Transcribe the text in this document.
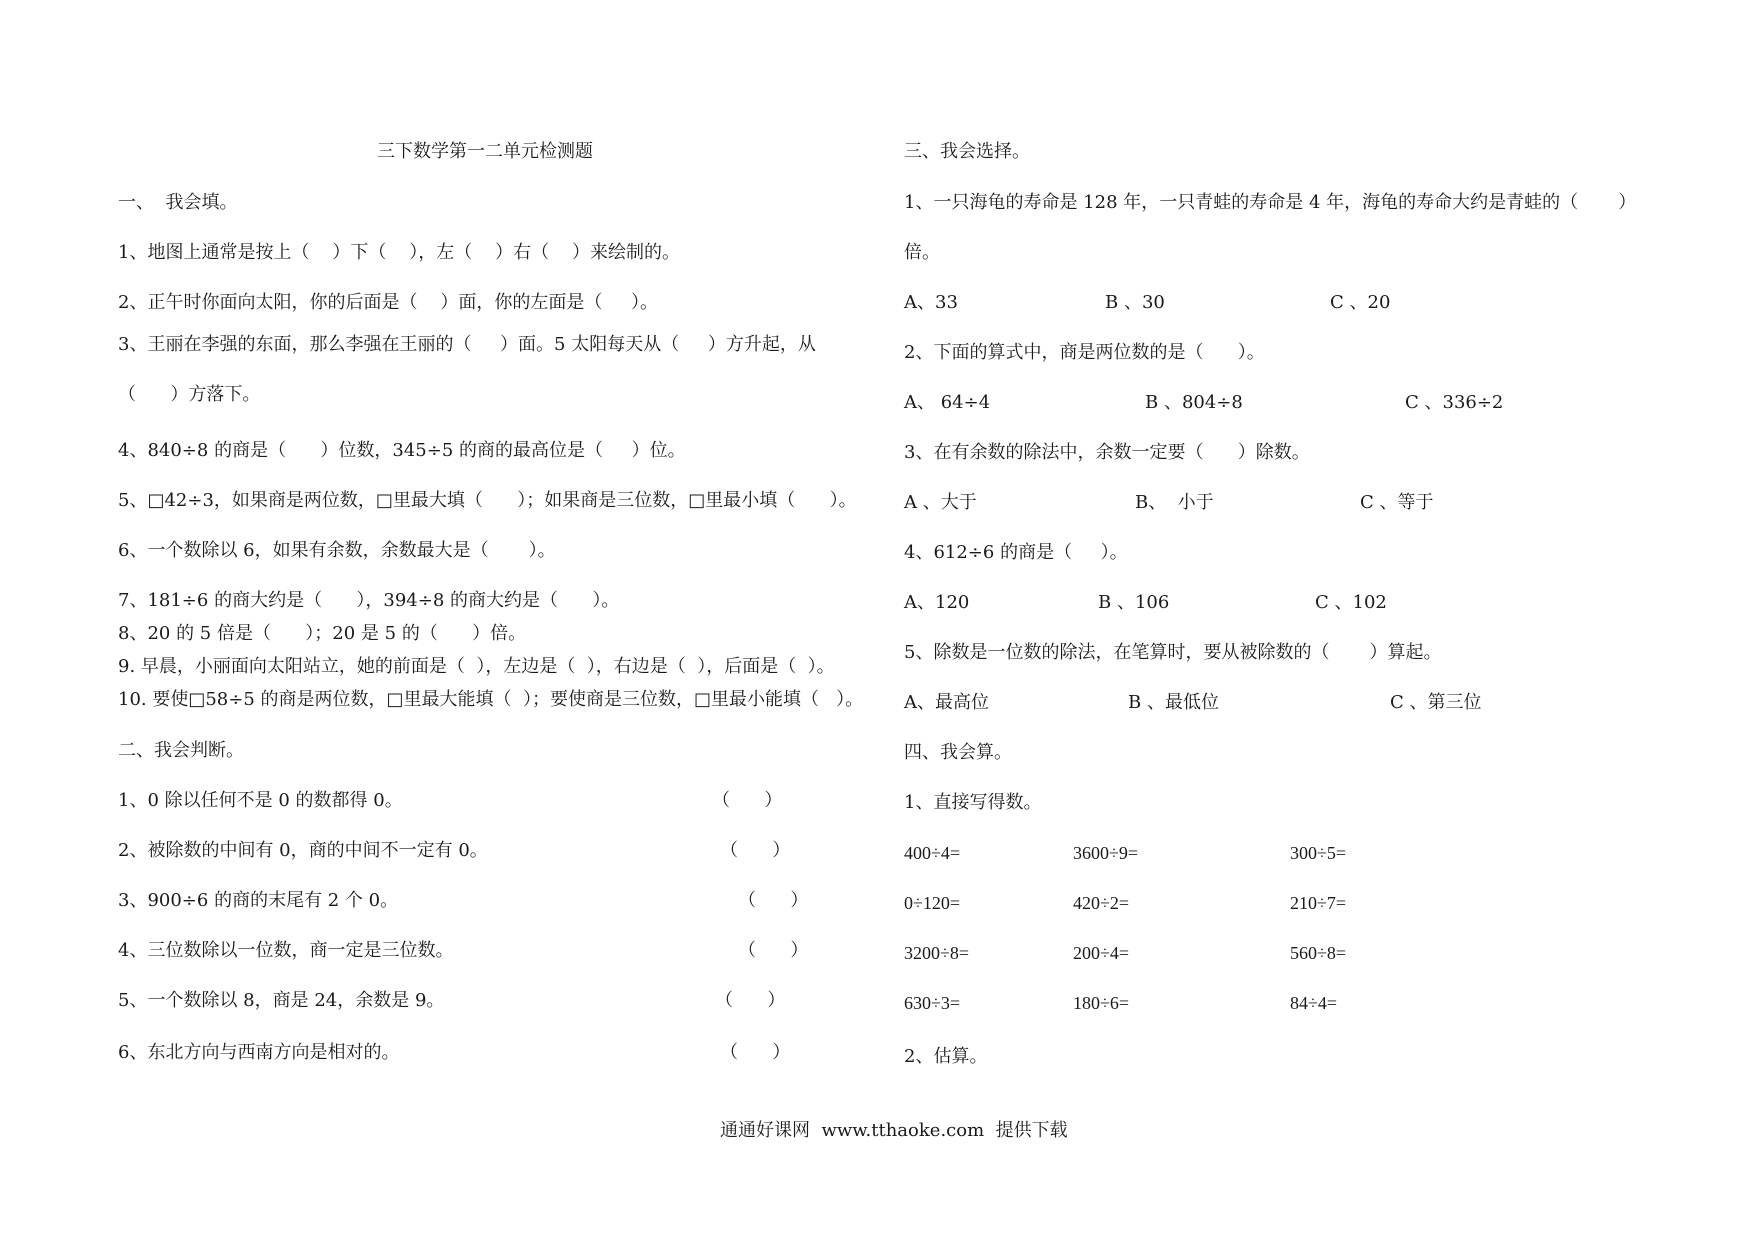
三下数学第一二单元检测题
一、  我会填。
1、地图上通常是按上（    ）下（    ），左（    ）右（    ）来绘制的。
2、正午时你面向太阳，你的后面是（    ）面，你的左面是（     ）。
3、王丽在李强的东面，那么李强在王丽的（     ）面。5 太阳每天从（     ）方升起，从
（      ）方落下。
4、840÷8 的商是（      ）位数，345÷5 的商的最高位是（     ）位。
5、□42÷3，如果商是两位数，□里最大填（      ）；如果商是三位数，□里最小填（      ）。
6、一个数除以 6，如果有余数，余数最大是（       ）。
7、181÷6 的商大约是（      ），394÷8 的商大约是（      ）。
8、20 的 5 倍是（      ）；20 是 5 的（      ）倍。
9. 早晨，小丽面向太阳站立，她的前面是（  ），左边是（  ），右边是（  ），后面是（  ）。
10. 要使□58÷5 的商是两位数，□里最大能填（  ）；要使商是三位数，□里最小能填（   ）。
二、我会判断。
1、0 除以任何不是 0 的数都得 0。	（      ）
2、被除数的中间有 0，商的中间不一定有 0。	（      ）
3、900÷6 的商的末尾有 2 个 0。	（      ）
4、三位数除以一位数，商一定是三位数。	（      ）
5、一个数除以 8，商是 24，余数是 9。	（      ）
6、东北方向与西南方向是相对的。	（      ）
三、我会选择。
1、一只海龟的寿命是 128 年，一只青蛙的寿命是 4 年，海龟的寿命大约是青蛙的（       ）
倍。
A、33	B 、30	C 、20
2、下面的算式中，商是两位数的是（      ）。
A、 64÷4	B 、804÷8	C 、336÷2
3、在有余数的除法中，余数一定要（      ）除数。
A 、大于	B、  小于	C 、等于
4、612÷6 的商是（     ）。
A、120	B 、106	C 、102
5、除数是一位数的除法，在笔算时，要从被除数的（       ）算起。
A、最高位	B 、最低位	C 、第三位
四、我会算。
1、直接写得数。
400÷4=	3600÷9=	300÷5=
0÷120=	420÷2=	210÷7=
3200÷8=	200÷4=	560÷8=
630÷3=	180÷6=	84÷4=
2、估算。
通通好课网  www.tthaoke.com  提供下载
